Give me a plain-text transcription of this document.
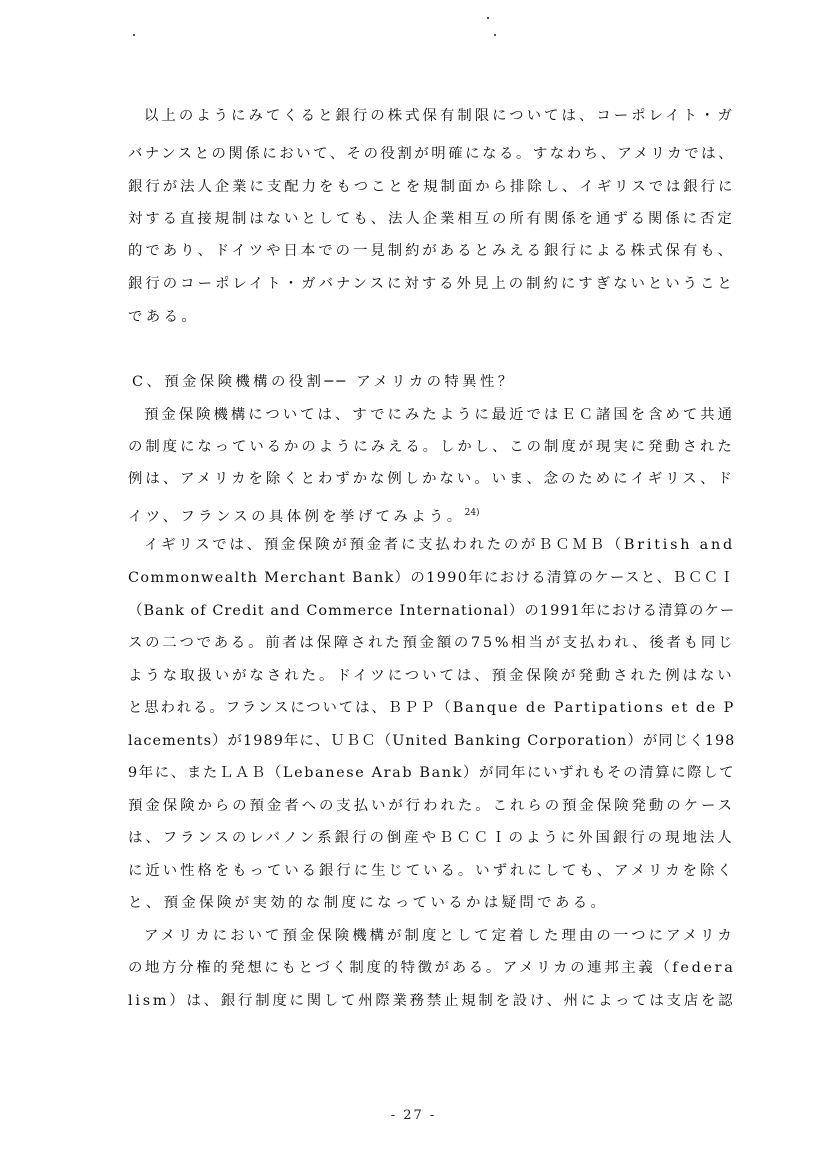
以上のようにみてくると銀行の株式保有制限については、コーポレイト・ガ
バナンスとの関係において、その役割が明確になる。すなわち、アメリカでは、
銀行が法人企業に支配力をもつことを規制面から排除し、イギリスでは銀行に
対する直接規制はないとしても、法人企業相互の所有関係を通ずる関係に否定
的であり、ドイツや日本での一見制約があるとみえる銀行による株式保有も、
銀行のコーポレイト・ガバナンスに対する外見上の制約にすぎないということ
である。
C、預金保険機構の役割── アメリカの特異性？
預金保険機構については、すでにみたように最近ではＥＣ諸国を含めて共通
の制度になっているかのようにみえる。しかし、この制度が現実に発動された
例は、アメリカを除くとわずかな例しかない。いま、念のためにイギリス、ド
イツ、フランスの具体例を挙げてみよう。$^{24)}$
イギリスでは、預金保険が預金者に支払われたのがＢＣＭＢ（British and
Commonwealth Merchant Bank）の1990年における清算のケースと、ＢＣＣＩ
（Bank of Credit and Commerce International）の1991年における清算のケー
スの二つである。前者は保障された預金額の75%相当が支払われ、後者も同じ
ような取扱いがなされた。ドイツについては、預金保険が発動された例はない
と思われる。フランスについては、ＢＰＰ（Banque de Partipations et de P
lacements）が1989年に、ＵＢＣ（United Banking Corporation）が同じく198
9年に、またＬＡＢ（Lebanese Arab Bank）が同年にいずれもその清算に際して
預金保険からの預金者への支払いが行われた。これらの預金保険発動のケース
は、フランスのレバノン系銀行の倒産やＢＣＣＩのように外国銀行の現地法人
に近い性格をもっている銀行に生じている。いずれにしても、アメリカを除く
と、預金保険が実効的な制度になっているかは疑問である。
アメリカにおいて預金保険機構が制度として定着した理由の一つにアメリカ
の地方分権的発想にもとづく制度的特徴がある。アメリカの連邦主義（federa
lism）は、銀行制度に関して州際業務禁止規制を設け、州によっては支店を認
- 27 -
